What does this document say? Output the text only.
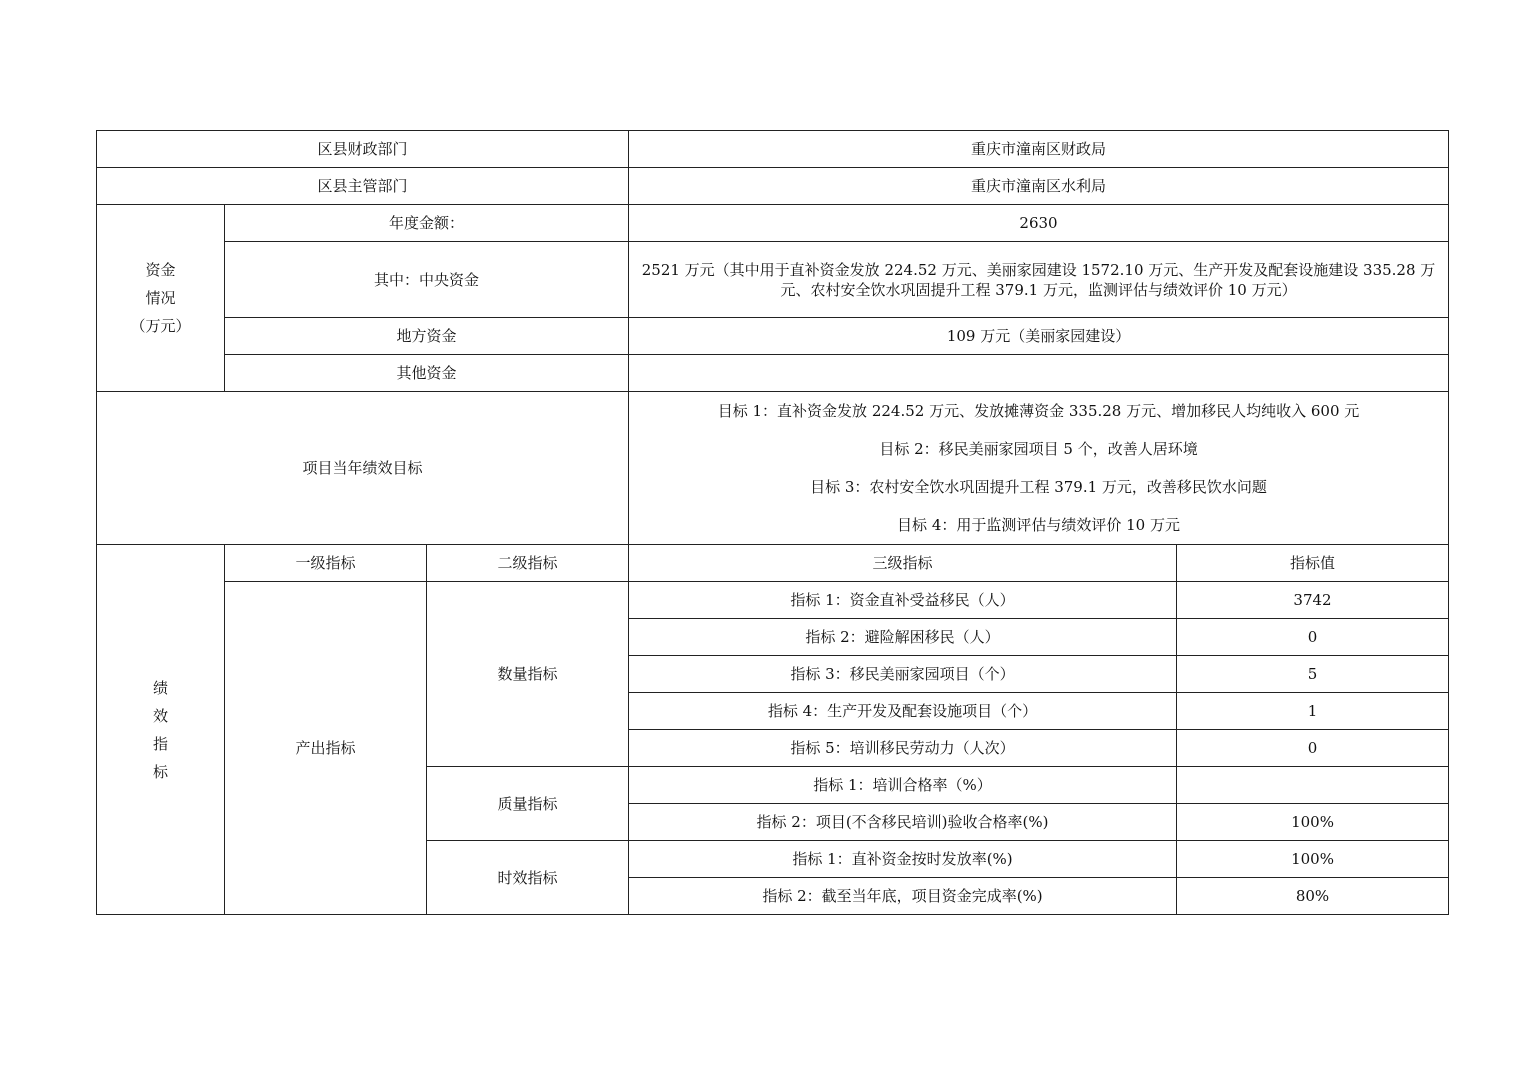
区县财政部门			重庆市潼南区财政局	
区县主管部门			重庆市潼南区水利局	

资金
情况
（万元）	年度金额：		2630	
	其中：中央资金		2521 万元（其中用于直补资金发放 224.52 万元、美丽家园建设 1572.10 万元、生产开发及配套设施建设 335.28 万
元、农村安全饮水巩固提升工程 379.1 万元，监测评估与绩效评价 10 万元）	
	地方资金		109 万元（美丽家园建设）	
	其他资金			
项目当年绩效目标			目标 1：直补资金发放 224.52 万元、发放摊薄资金 335.28 万元、增加移民人均纯收入 600 元
目标 2：移民美丽家园项目 5 个，改善人居环境
目标 3：农村安全饮水巩固提升工程 379.1 万元，改善移民饮水问题
目标 4：用于监测评估与绩效评价 10 万元	

绩
效
指
标	一级指标	二级指标	三级指标	指标值
	产出指标	数量指标	指标 1：资金直补受益移民（人）	3742
			指标 2：避险解困移民（人）	0
			指标 3：移民美丽家园项目（个）	5
			指标 4：生产开发及配套设施项目（个）	1
			指标 5：培训移民劳动力（人次）	0
		质量指标	指标 1：培训合格率（%）	
			指标 2：项目(不含移民培训)验收合格率(%)	100%
		时效指标	指标 1：直补资金按时发放率(%)	100%
			指标 2：截至当年底，项目资金完成率(%)	80%
